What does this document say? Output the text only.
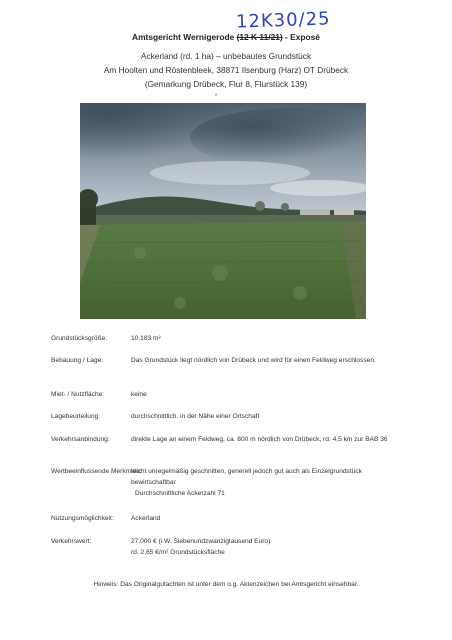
12K30/25
Amtsgericht Wernigerode (12 K 11/21) - Exposé
Ackerland (rd. 1 ha) – unbebautes Grundstück
Am Hoolten und Röstenbleek, 38871 Ilsenburg (Harz) OT Drübeck
(Gemarkung Drübeck, Flur 8, Flurstück 139)
•
Grundstücksgröße:	10.183 m²
Bebauung / Lage:	Das Grundstück liegt nördlich von Drübeck und wird für einen Feldweg erschlossen.
Miet- / Nutzfläche:	keine
Lagebeurteilung:	durchschnittlich, in der Nähe einer Ortschaft
Verkehrsanbindung:	direkte Lage an einem Feldweg, ca. 800 m nördlich von Drübeck, rd. 4,5 km zur BAB 36
Wertbeeinflussende Merkmale:
leicht unregelmäßig geschnitten, generell jedoch gut auch als Einzelgrundstück bewirtschaftbar
Durchschnittliche Ackerzahl 71
Nutzungsmöglichkeit:	Ackerland
Verkehrswert:	27.000 € (i.W. Siebenundzwanzigtausend Euro)
rd. 2,65 €/m² Grundstücksfläche
Hinweis: Das Originalgutachten ist unter dem o.g. Aktenzeichen bei Amtsgericht einsehbar.
